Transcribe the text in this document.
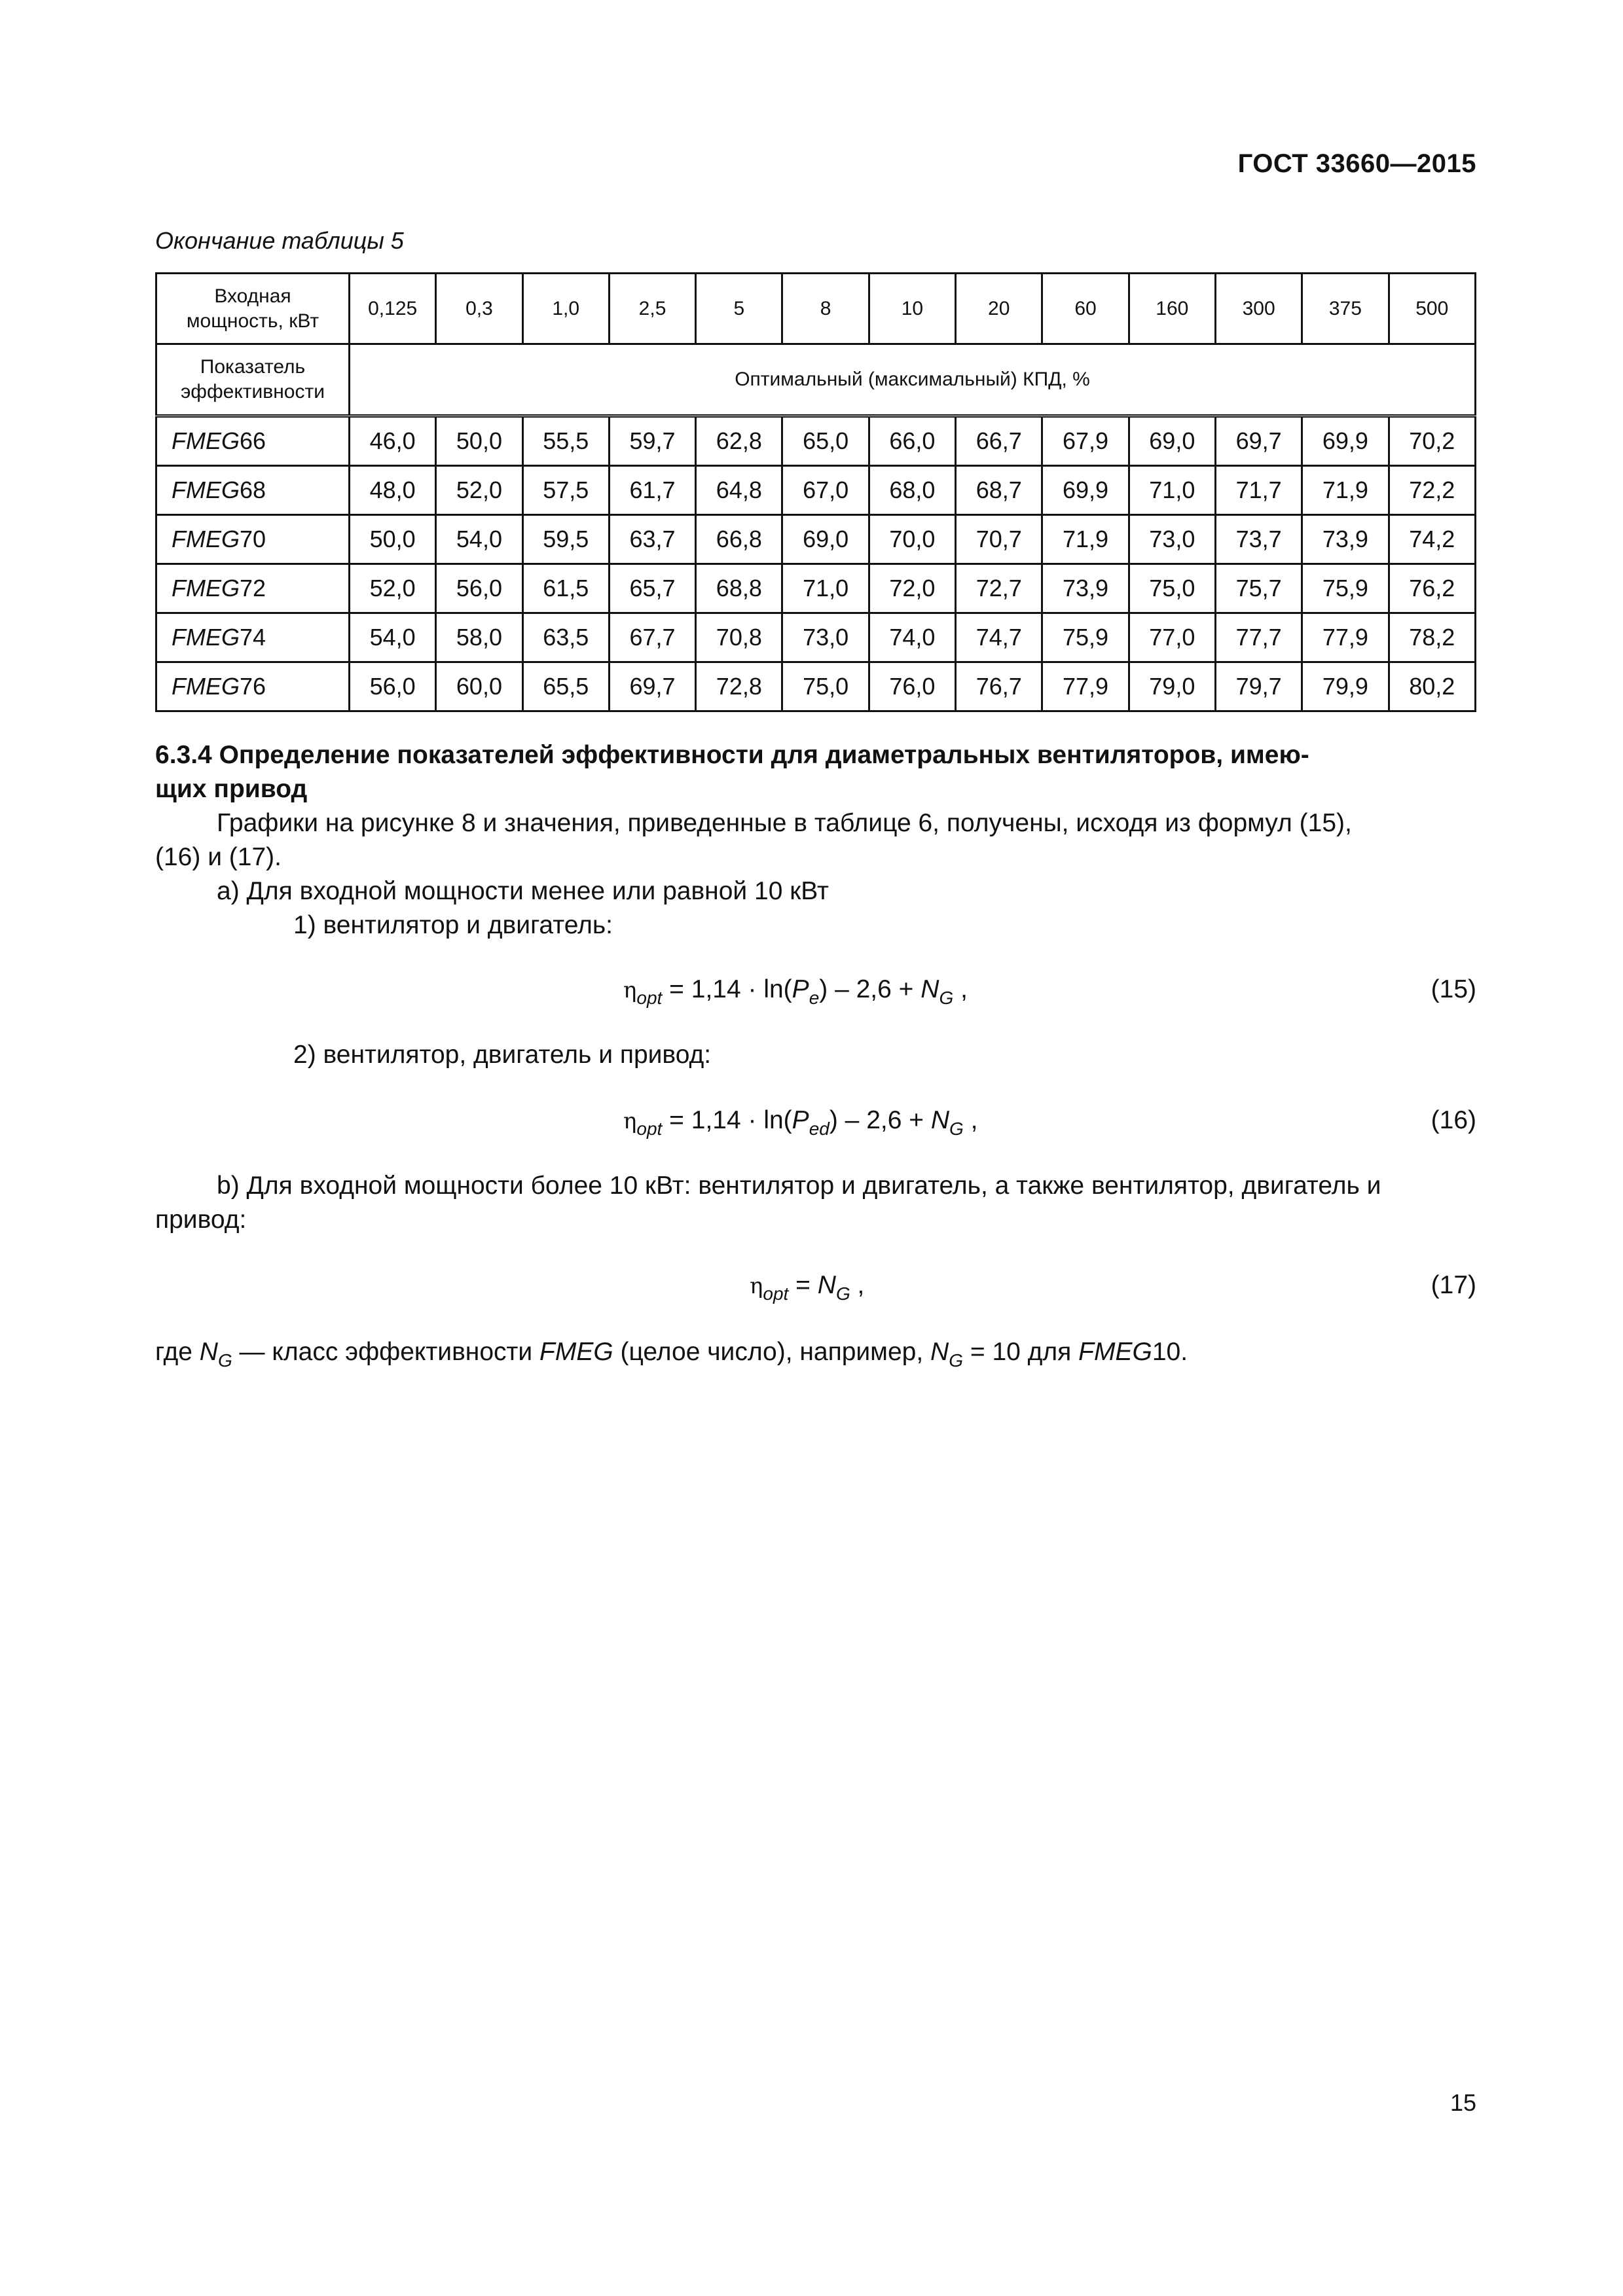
ГОСТ 33660—2015
Окончание таблицы 5
Входная
мощность, кВт	0,125	0,3	1,0	2,5	5	8	10	20	60	160	300	375	500
Показатель
эффективности	Оптимальный (максимальный) КПД, %												
FMEG66	46,0	50,0	55,5	59,7	62,8	65,0	66,0	66,7	67,9	69,0	69,7	69,9	70,2
FMEG68	48,0	52,0	57,5	61,7	64,8	67,0	68,0	68,7	69,9	71,0	71,7	71,9	72,2
FMEG70	50,0	54,0	59,5	63,7	66,8	69,0	70,0	70,7	71,9	73,0	73,7	73,9	74,2
FMEG72	52,0	56,0	61,5	65,7	68,8	71,0	72,0	72,7	73,9	75,0	75,7	75,9	76,2
FMEG74	54,0	58,0	63,5	67,7	70,8	73,0	74,0	74,7	75,9	77,0	77,7	77,9	78,2
FMEG76	56,0	60,0	65,5	69,7	72,8	75,0	76,0	76,7	77,9	79,0	79,7	79,9	80,2
6.3.4 Определение показателей эффективности для диаметральных вентиляторов, имею-
щих привод
Графики на рисунке 8 и значения, приведенные в таблице 6, получены, исходя из формул (15),
(16) и (17).
a) Для входной мощности менее или равной 10 кВт
1) вентилятор и двигатель:
$\eta_{opt} = 1,14 \cdot \ln(P_e) - 2,6 + N_G$ ,	(15)
2) вентилятор, двигатель и привод:
$\eta_{opt} = 1,14 \cdot \ln(P_{ed}) - 2,6 + N_G$ ,	(16)
b) Для входной мощности более 10 кВт: вентилятор и двигатель, а также вентилятор, двигатель и
привод:
$\eta_{opt} = N_G$ ,	(17)
где $N_G$ — класс эффективности FMEG (целое число), например, $N_G = 10$ для FMEG10.
15
